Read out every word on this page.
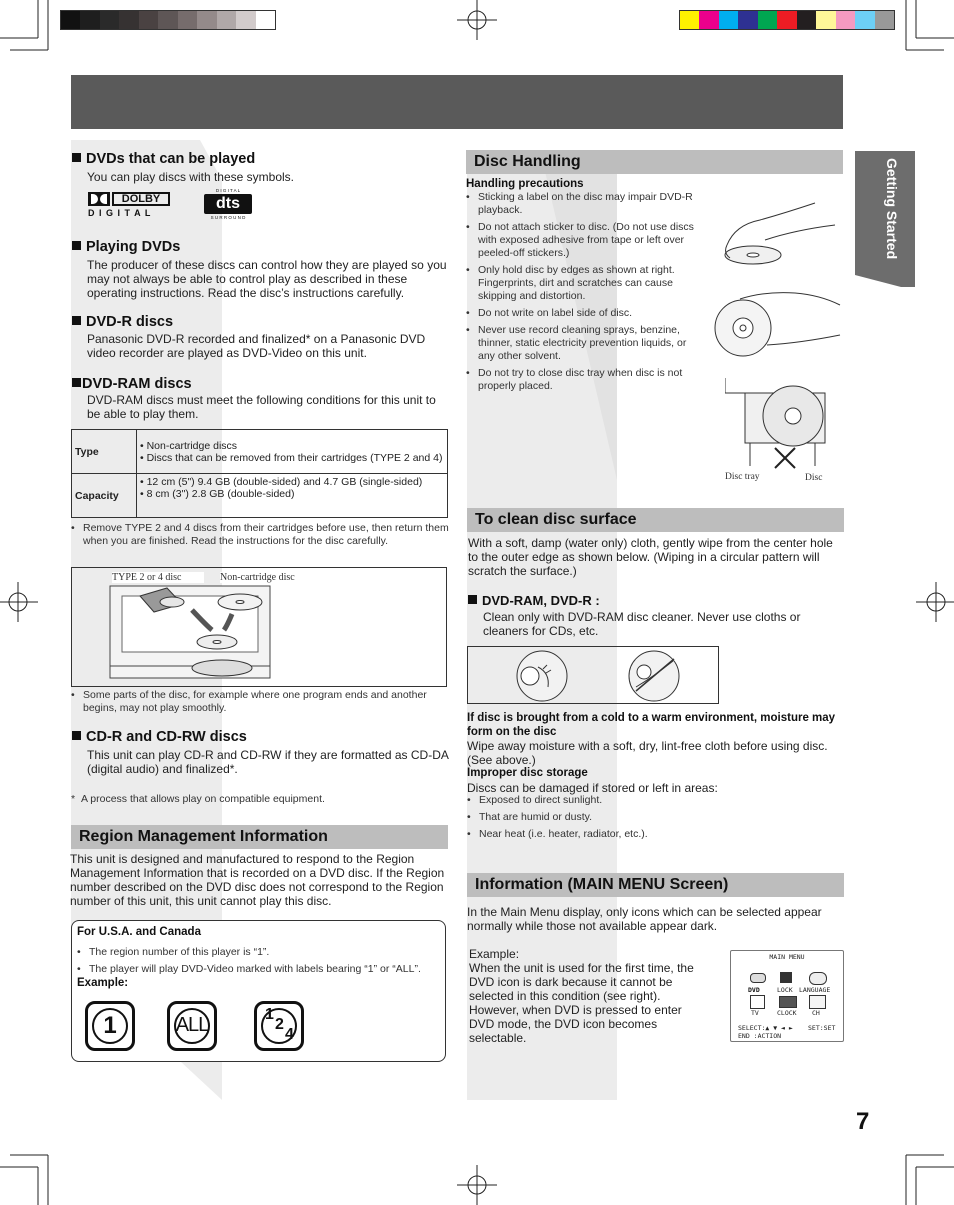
Getting Started
DVDs that can be played
You can play discs with these symbols.
DOLBY
D I G I T A L
D I G I T A L
dts
S U R R O U N D
Playing DVDs
The producer of these discs can control how they are played so you may not always be able to control play as described in these operating instructions. Read the disc’s instructions carefully.
DVD-R discs
Panasonic DVD-R recorded and finalized* on a Panasonic DVD video recorder are played as DVD-Video on this unit.
DVD-RAM discs
DVD-RAM discs must meet the following conditions for this unit to be able to play them.
Type	• Non-cartridge discs
• Discs that can be removed from their cartridges (TYPE 2 and 4)

Capacity	• 12 cm (5") 9.4 GB (double-sided) and 4.7 GB (single-sided)
• 8 cm (3") 2.8 GB (double-sided)
• Remove TYPE 2 and 4 discs from their cartridges before use, then return them when you are finished. Read the instructions for the disc carefully.
TYPE 2 or 4 disc	Non-cartridge disc
• Some parts of the disc, for example where one program ends and another begins, may not play smoothly.
CD-R and CD-RW discs
This unit can play CD-R and CD-RW if they are formatted as CD-DA (digital audio) and finalized*.
* A process that allows play on compatible equipment.
Region Management Information
This unit is designed and manufactured to respond to the Region Management Information that is recorded on a DVD disc. If the Region number described on the DVD disc does not correspond to the Region number of this unit, this unit cannot play this disc.
For U.S.A. and Canada
• The region number of this player is “1”.
• The player will play DVD-Video marked with labels bearing “1” or “ALL”.
Example:
1	ALL	1
2
4
Disc Handling
Handling precautions
• Sticking a label on the disc may impair DVD-R playback.
• Do not attach sticker to disc. (Do not use discs with exposed adhesive from tape or left over peeled-off stickers.)
• Only hold disc by edges as shown at right. Fingerprints, dirt and scratches can cause skipping and distortion.
• Do not write on label side of disc.
• Never use record cleaning sprays, benzine, thinner, static electricity prevention liquids, or any other solvent.
• Do not try to close disc tray when disc is not properly placed.
Disc tray	Disc
To clean disc surface
With a soft, damp (water only) cloth, gently wipe from the center hole to the outer edge as shown below. (Wiping in a circular pattern will scratch the surface.)
DVD-RAM, DVD-R :
Clean only with DVD-RAM disc cleaner. Never use cloths or cleaners for CDs, etc.
If disc is brought from a cold to a warm environment, moisture may form on the disc
Wipe away moisture with a soft, dry, lint-free cloth before using disc. (See above.)
Improper disc storage
Discs can be damaged if stored or left in areas:
• Exposed to direct sunlight.
• That are humid or dusty.
• Near heat (i.e. heater, radiator, etc.).
Information (MAIN MENU Screen)
In the Main Menu display, only icons which can be selected appear normally while those not available appear dark.
Example:
When the unit is used for the first time, the DVD icon is dark because it cannot be selected in this condition (see right). However, when DVD is pressed to enter DVD mode, the DVD icon becomes selectable.
MAIN MENU
DVD	LOCK LANGUAGE
TV	CLOCK CH
SELECT:▲ ▼ ◄ ► SET:SET
END :ACTION
7
